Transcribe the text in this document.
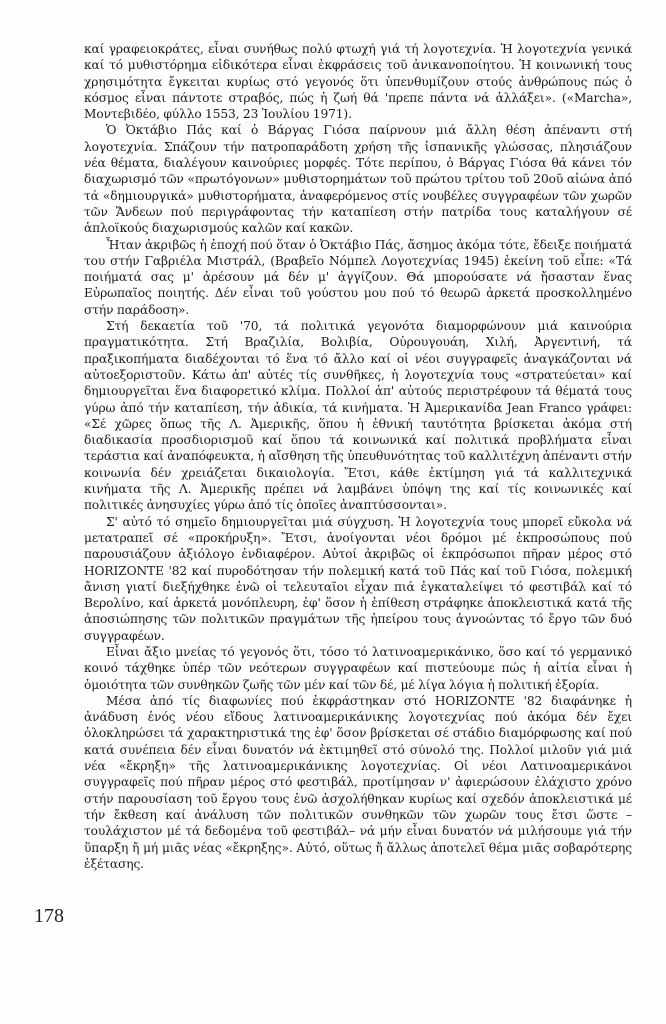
καί γραφειοκράτες, εἶναι συνήθως πολύ φτωχή γιά τή λογοτεχνία. Ἡ λογοτεχνία γενικά καί τό μυθιστόρημα εἰδικότερα εἶναι ἐκφράσεις τοῦ ἀνικανοποίητου. Ἡ κοινωνική τους χρησιμότητα ἔγκειται κυρίως στό γεγονός ὅτι ὑπενθυμίζουν στούς ἀνθρώπους πώς ὁ κόσμος εἶναι πάντοτε στραβός, πώς ἡ ζωή θά 'πρεπε πάντα νά ἀλλάξει». («Marcha», Μοντεβιδέο, φύλλο 1553, 23 Ἰουλίου 1971).

Ὁ Ὀκτάβιο Πάς καί ὁ Βάργας Γιόσα παίρνουν μιά ἄλλη θέση ἀπέναντι στή λογοτεχνία. Σπάζουν τήν πατροπαράδοτη χρήση τῆς ἰσπανικῆς γλώσσας, πλησιάζουν νέα θέματα, διαλέγουν καινούριες μορφές. Τότε περίπου, ὁ Βάργας Γιόσα θά κάνει τόν διαχωρισμό τῶν «πρωτόγονων» μυθιστορημάτων τοῦ πρώτου τρίτου τοῦ 20οῦ αἰώνα ἀπό τά «δημιουργικά» μυθιστορήματα, ἀναφερόμενος στίς νουβέλες συγγραφέων τῶν χωρῶν τῶν Ἄνδεων πού περιγράφοντας τήν καταπίεση στήν πατρίδα τους καταλήγουν σέ ἁπλοϊκούς διαχωρισμούς καλῶν καί κακῶν.

Ἦταν ἀκριβῶς ἡ ἐποχή πού ὅταν ὁ Ὀκτάβιο Πάς, ἄσημος ἀκόμα τότε, ἔδειξε ποιήματά του στήν Γαβριέλα Μιστράλ, (Βραβεῖο Νόμπελ Λογοτεχνίας 1945) ἐκείνη τοῦ εἶπε: «Τά ποιήματά σας μ' ἀρέσουν μά δέν μ' ἀγγίζουν. Θά μπορούσατε νά ἤσασταν ἕνας Εὐρωπαῖος ποιητής. Δέν εἶναι τοῦ γούστου μου πού τό θεωρῶ ἀρκετά προσκολλημένο στήν παράδοση».

Στή δεκαετία τοῦ '70, τά πολιτικά γεγονότα διαμορφώνουν μιά καινούρια πραγματικότητα. Στή Βραζιλία, Βολιβία, Οὐρουγουάη, Χιλή, Ἀργεντινή, τά πραξικοπήματα διαδέχονται τό ἕνα τό ἄλλο καί οἱ νέοι συγγραφεῖς ἀναγκάζονται νά αὐτοεξοριστοῦν. Κάτω ἀπ' αὐτές τίς συνθῆκες, ἡ λογοτεχνία τους «στρατεύεται» καί δημιουργεῖται ἕνα διαφορετικό κλίμα. Πολλοί ἀπ' αὐτούς περιστρέφουν τά θέματά τους γύρω ἀπό τήν καταπίεση, τήν ἀδικία, τά κινήματα. Ἡ Ἀμερικανίδα Jean Franco γράφει: «Σέ χῶρες ὅπως τῆς Λ. Ἀμερικῆς, ὅπου ἡ ἐθνική ταυτότητα βρίσκεται ἀκόμα στή διαδικασία προσδιορισμοῦ καί ὅπου τά κοινωνικά καί πολιτικά προβλήματα εἶναι τεράστια καί ἀναπόφευκτα, ἡ αἴσθηση τῆς ὑπευθυνότητας τοῦ καλλιτέχνη ἀπέναντι στήν κοινωνία δέν χρειάζεται δικαιολογία. Ἔτσι, κάθε ἐκτίμηση γιά τά καλλιτεχνικά κινήματα τῆς Λ. Ἀμερικῆς πρέπει νά λαμβάνει ὑπόψη της καί τίς κοινωνικές καί πολιτικές ἀνησυχίες γύρω ἀπό τίς ὁποῖες ἀναπτύσσονται».

Σ' αὐτό τό σημεῖο δημιουργεῖται μιά σύγχυση. Ἡ λογοτεχνία τους μπορεῖ εὔκολα νά μετατραπεῖ σέ «προκήρυξη». Ἔτσι, ἀνοίγονται νέοι δρόμοι μέ ἐκπροσώπους πού παρουσιάζουν ἀξιόλογο ἐνδιαφέρον. Αὐτοί ἀκριβῶς οἱ ἐκπρόσωποι πῆραν μέρος στό HORIZONTE '82 καί πυροδότησαν τήν πολεμική κατά τοῦ Πάς καί τοῦ Γιόσα, πολεμική ἄνιση γιατί διεξήχθηκε ἐνῶ οἱ τελευταῖοι εἶχαν πιά ἐγκαταλείψει τό φεστιβάλ καί τό Βερολίνο, καί ἀρκετά μονόπλευρη, ἐφ' ὅσον ἡ ἐπίθεση στράφηκε ἀποκλειστικά κατά τῆς ἀποσιώπησης τῶν πολιτικῶν πραγμάτων τῆς ἠπείρου τους ἀγνοώντας τό ἔργο τῶν δυό συγγραφέων.

Εἶναι ἄξιο μνείας τό γεγονός ὅτι, τόσο τό λατινοαμερικάνικο, ὅσο καί τό γερμανικό κοινό τάχθηκε ὑπέρ τῶν νεότερων συγγραφέων καί πιστεύουμε πώς ἡ αἰτία εἶναι ἡ ὁμοιότητα τῶν συνθηκῶν ζωῆς τῶν μέν καί τῶν δέ, μέ λίγα λόγια ἡ πολιτική ἐξορία.

Μέσα ἀπό τίς διαφωνίες πού ἐκφράστηκαν στό HORIZONTE '82 διαφάνηκε ἡ ἀνάδυση ἑνός νέου εἴδους λατινοαμερικάνικης λογοτεχνίας πού ἀκόμα δέν ἔχει ὁλοκληρώσει τά χαρακτηριστικά της ἐφ' ὅσον βρίσκεται σέ στάδιο διαμόρφωσης καί πού κατά συνέπεια δέν εἶναι δυνατόν νά ἐκτιμηθεῖ στό σύνολό της. Πολλοί μιλοῦν γιά μιά νέα «ἔκρηξη» τῆς λατινοαμερικάνικης λογοτεχνίας. Οἱ νέοι Λατινοαμερικάνοι συγγραφεῖς πού πῆραν μέρος στό φεστιβάλ, προτίμησαν ν' ἀφιερώσουν ἐλάχιστο χρόνο στήν παρουσίαση τοῦ ἔργου τους ἐνῶ ἀσχολήθηκαν κυρίως καί σχεδόν ἀποκλειστικά μέ τήν ἔκθεση καί ἀνάλυση τῶν πολιτικῶν συνθηκῶν τῶν χωρῶν τους ἔτσι ὥστε –τουλάχιστον μέ τά δεδομένα τοῦ φεστιβάλ– νά μήν εἶναι δυνατόν νά μιλήσουμε γιά τήν ὕπαρξη ἤ μή μιᾶς νέας «ἔκρηξης». Αὐτό, οὕτως ἤ ἄλλως ἀποτελεῖ θέμα μιᾶς σοβαρότερης ἐξέτασης.

178
